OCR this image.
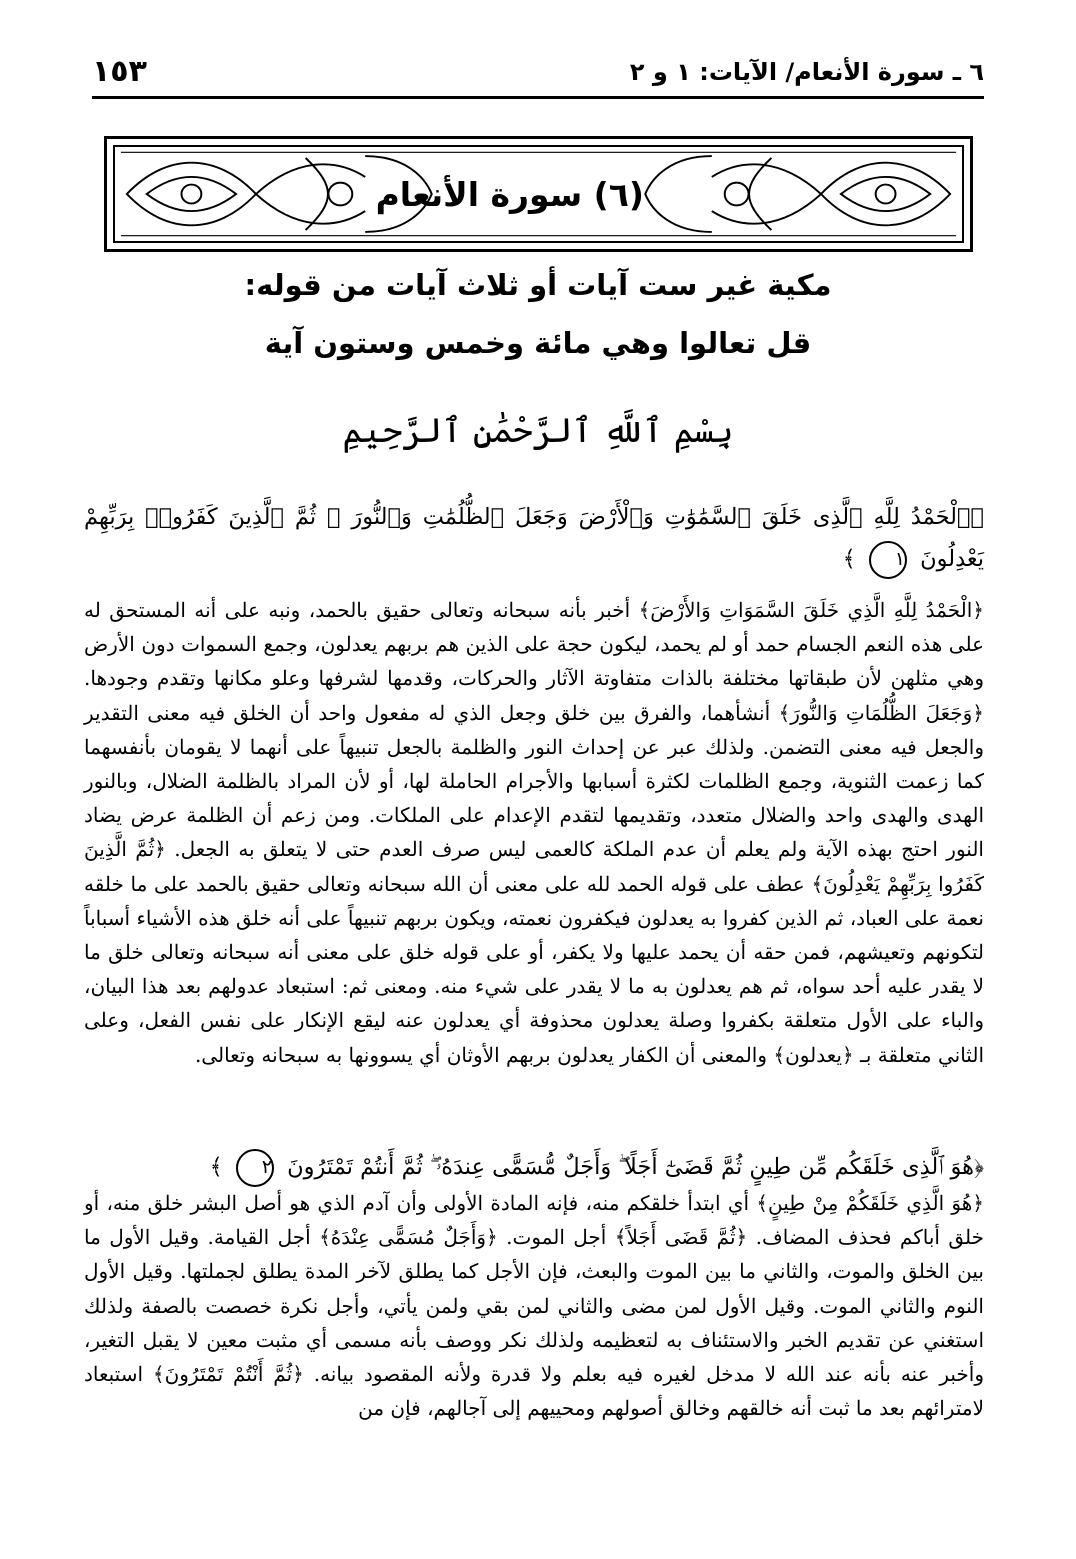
٦ ـ سورة الأنعام/ الآيات: ١ و ٢
١٥٣
(٦) سورة الأنعام
مكية غير ست آيات أو ثلاث آيات من قوله:
قل تعالوا وهي مائة وخمس وستون آية
بِسْمِ ٱللَّهِ ٱلرَّحْمَٰنِ ٱلرَّحِيمِ
﴿ٱلْحَمْدُ لِلَّهِ ٱلَّذِى خَلَقَ ٱلسَّمَٰوَٰتِ وَٱلْأَرْضَ وَجَعَلَ ٱلظُّلُمَٰتِ وَٱلنُّورَ ۖ ثُمَّ ٱلَّذِينَ كَفَرُوا۟ بِرَبِّهِمْ يَعْدِلُونَ ١ ﴾

﴿الْحَمْدُ لِلَّهِ الَّذِي خَلَقَ السَّمَوَاتِ وَالأَرْضَ﴾ أخبر بأنه سبحانه وتعالى حقيق بالحمد، ونبه على أنه المستحق له على هذه النعم الجسام حمد أو لم يحمد، ليكون حجة على الذين هم بربهم يعدلون، وجمع السموات دون الأرض وهي مثلهن لأن طبقاتها مختلفة بالذات متفاوتة الآثار والحركات، وقدمها لشرفها وعلو مكانها وتقدم وجودها. ﴿وَجَعَلَ الظُّلُمَاتِ وَالنُّورَ﴾ أنشأهما، والفرق بين خلق وجعل الذي له مفعول واحد أن الخلق فيه معنى التقدير والجعل فيه معنى التضمن. ولذلك عبر عن إحداث النور والظلمة بالجعل تنبيهاً على أنهما لا يقومان بأنفسهما كما زعمت الثنوية، وجمع الظلمات لكثرة أسبابها والأجرام الحاملة لها، أو لأن المراد بالظلمة الضلال، وبالنور الهدى والهدى واحد والضلال متعدد، وتقديمها لتقدم الإعدام على الملكات. ومن زعم أن الظلمة عرض يضاد النور احتج بهذه الآية ولم يعلم أن عدم الملكة كالعمى ليس صرف العدم حتى لا يتعلق به الجعل. ﴿ثُمَّ الَّذِينَ كَفَرُوا بِرَبِّهِمْ يَعْدِلُونَ﴾ عطف على قوله الحمد لله على معنى أن الله سبحانه وتعالى حقيق بالحمد على ما خلقه نعمة على العباد، ثم الذين كفروا به يعدلون فيكفرون نعمته، ويكون بربهم تنبيهاً على أنه خلق هذه الأشياء أسباباً لتكونهم وتعيشهم، فمن حقه أن يحمد عليها ولا يكفر، أو على قوله خلق على معنى أنه سبحانه وتعالى خلق ما لا يقدر عليه أحد سواه، ثم هم يعدلون به ما لا يقدر على شيء منه. ومعنى ثم: استبعاد عدولهم بعد هذا البيان، والباء على الأول متعلقة بكفروا وصلة يعدلون محذوفة أي يعدلون عنه ليقع الإنكار على نفس الفعل، وعلى الثاني متعلقة بـ ﴿يعدلون﴾ والمعنى أن الكفار يعدلون بربهم الأوثان أي يسوونها به سبحانه وتعالى.

﴿هُوَ ٱلَّذِى خَلَقَكُم مِّن طِينٍ ثُمَّ قَضَىٰٓ أَجَلًا ۖ وَأَجَلٌ مُّسَمًّى عِندَهُۥ ۖ ثُمَّ أَنتُمْ تَمْتَرُونَ ٢ ﴾

﴿هُوَ الَّذِي خَلَقَكُمْ مِنْ طِينٍ﴾ أي ابتدأ خلقكم منه، فإنه المادة الأولى وأن آدم الذي هو أصل البشر خلق منه، أو خلق أباكم فحذف المضاف. ﴿ثُمَّ قَضَى أَجَلاً﴾ أجل الموت. ﴿وَأَجَلٌ مُسَمًّى عِنْدَهُ﴾ أجل القيامة. وقيل الأول ما بين الخلق والموت، والثاني ما بين الموت والبعث، فإن الأجل كما يطلق لآخر المدة يطلق لجملتها. وقيل الأول النوم والثاني الموت. وقيل الأول لمن مضى والثاني لمن بقي ولمن يأتي، وأجل نكرة خصصت بالصفة ولذلك استغني عن تقديم الخبر والاستئناف به لتعظيمه ولذلك نكر ووصف بأنه مسمى أي مثبت معين لا يقبل التغير، وأخبر عنه بأنه عند الله لا مدخل لغيره فيه بعلم ولا قدرة ولأنه المقصود بيانه. ﴿ثُمَّ أَنْتُمْ تَمْتَرُونَ﴾ استبعاد لامترائهم بعد ما ثبت أنه خالقهم وخالق أصولهم ومحييهم إلى آجالهم، فإن من
